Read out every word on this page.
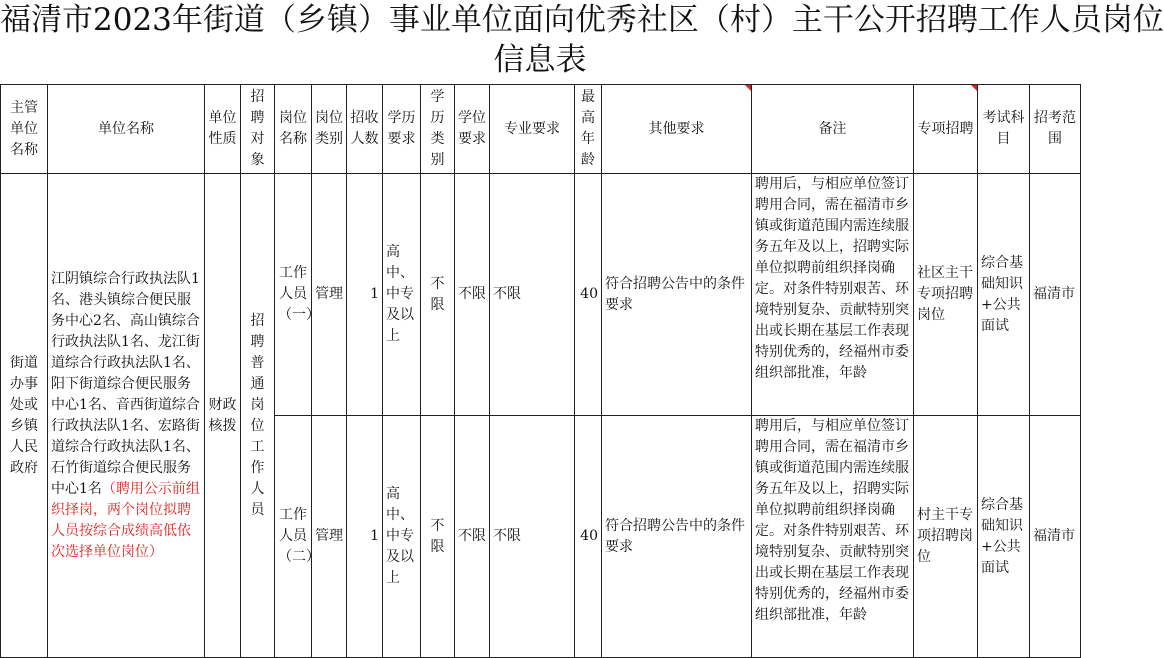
福清市2023年街道（乡镇）事业单位面向优秀社区（村）主干公开招聘工作人员岗位
信息表
主管单位名称	单位名称	单位性质	招聘对象	岗位名称	岗位类别	招收人数	学历要求	学历类别	学位要求	专业要求	最高年龄	其他要求	备注	专项招聘	考试科目	招考范围
街道办事处或乡镇人民政府	江阴镇综合行政执法队1名、港头镇综合便民服务中心2名、高山镇综合行政执法队1名、龙江街道综合行政执法队1名、阳下街道综合便民服务中心1名、音西街道综合行政执法队1名、宏路街道综合行政执法队1名、石竹街道综合便民服务中心1名（聘用公示前组织择岗，两个岗位拟聘人员按综合成绩高低依次选择单位岗位）	财政核拨	招聘普通岗位工作人员	工作人员（一）	管理	1	高中、中专及以上	不限	不限	不限	40	符合招聘公告中的条件要求	聘用后，与相应单位签订聘用合同，需在福清市乡镇或街道范围内需连续服务五年及以上，招聘实际单位拟聘前组织择岗确定。对条件特别艰苦、环境特别复杂、贡献特别突出或长期在基层工作表现特别优秀的，经福州市委组织部批准，年龄	社区主干专项招聘岗位	综合基础知识+公共面试	福清市
				工作人员（二）	管理	1	高中、中专及以上	不限	不限	不限	40	符合招聘公告中的条件要求	聘用后，与相应单位签订聘用合同，需在福清市乡镇或街道范围内需连续服务五年及以上，招聘实际单位拟聘前组织择岗确定。对条件特别艰苦、环境特别复杂、贡献特别突出或长期在基层工作表现特别优秀的，经福州市委组织部批准，年龄	村主干专项招聘岗位	综合基础知识+公共面试	福清市
